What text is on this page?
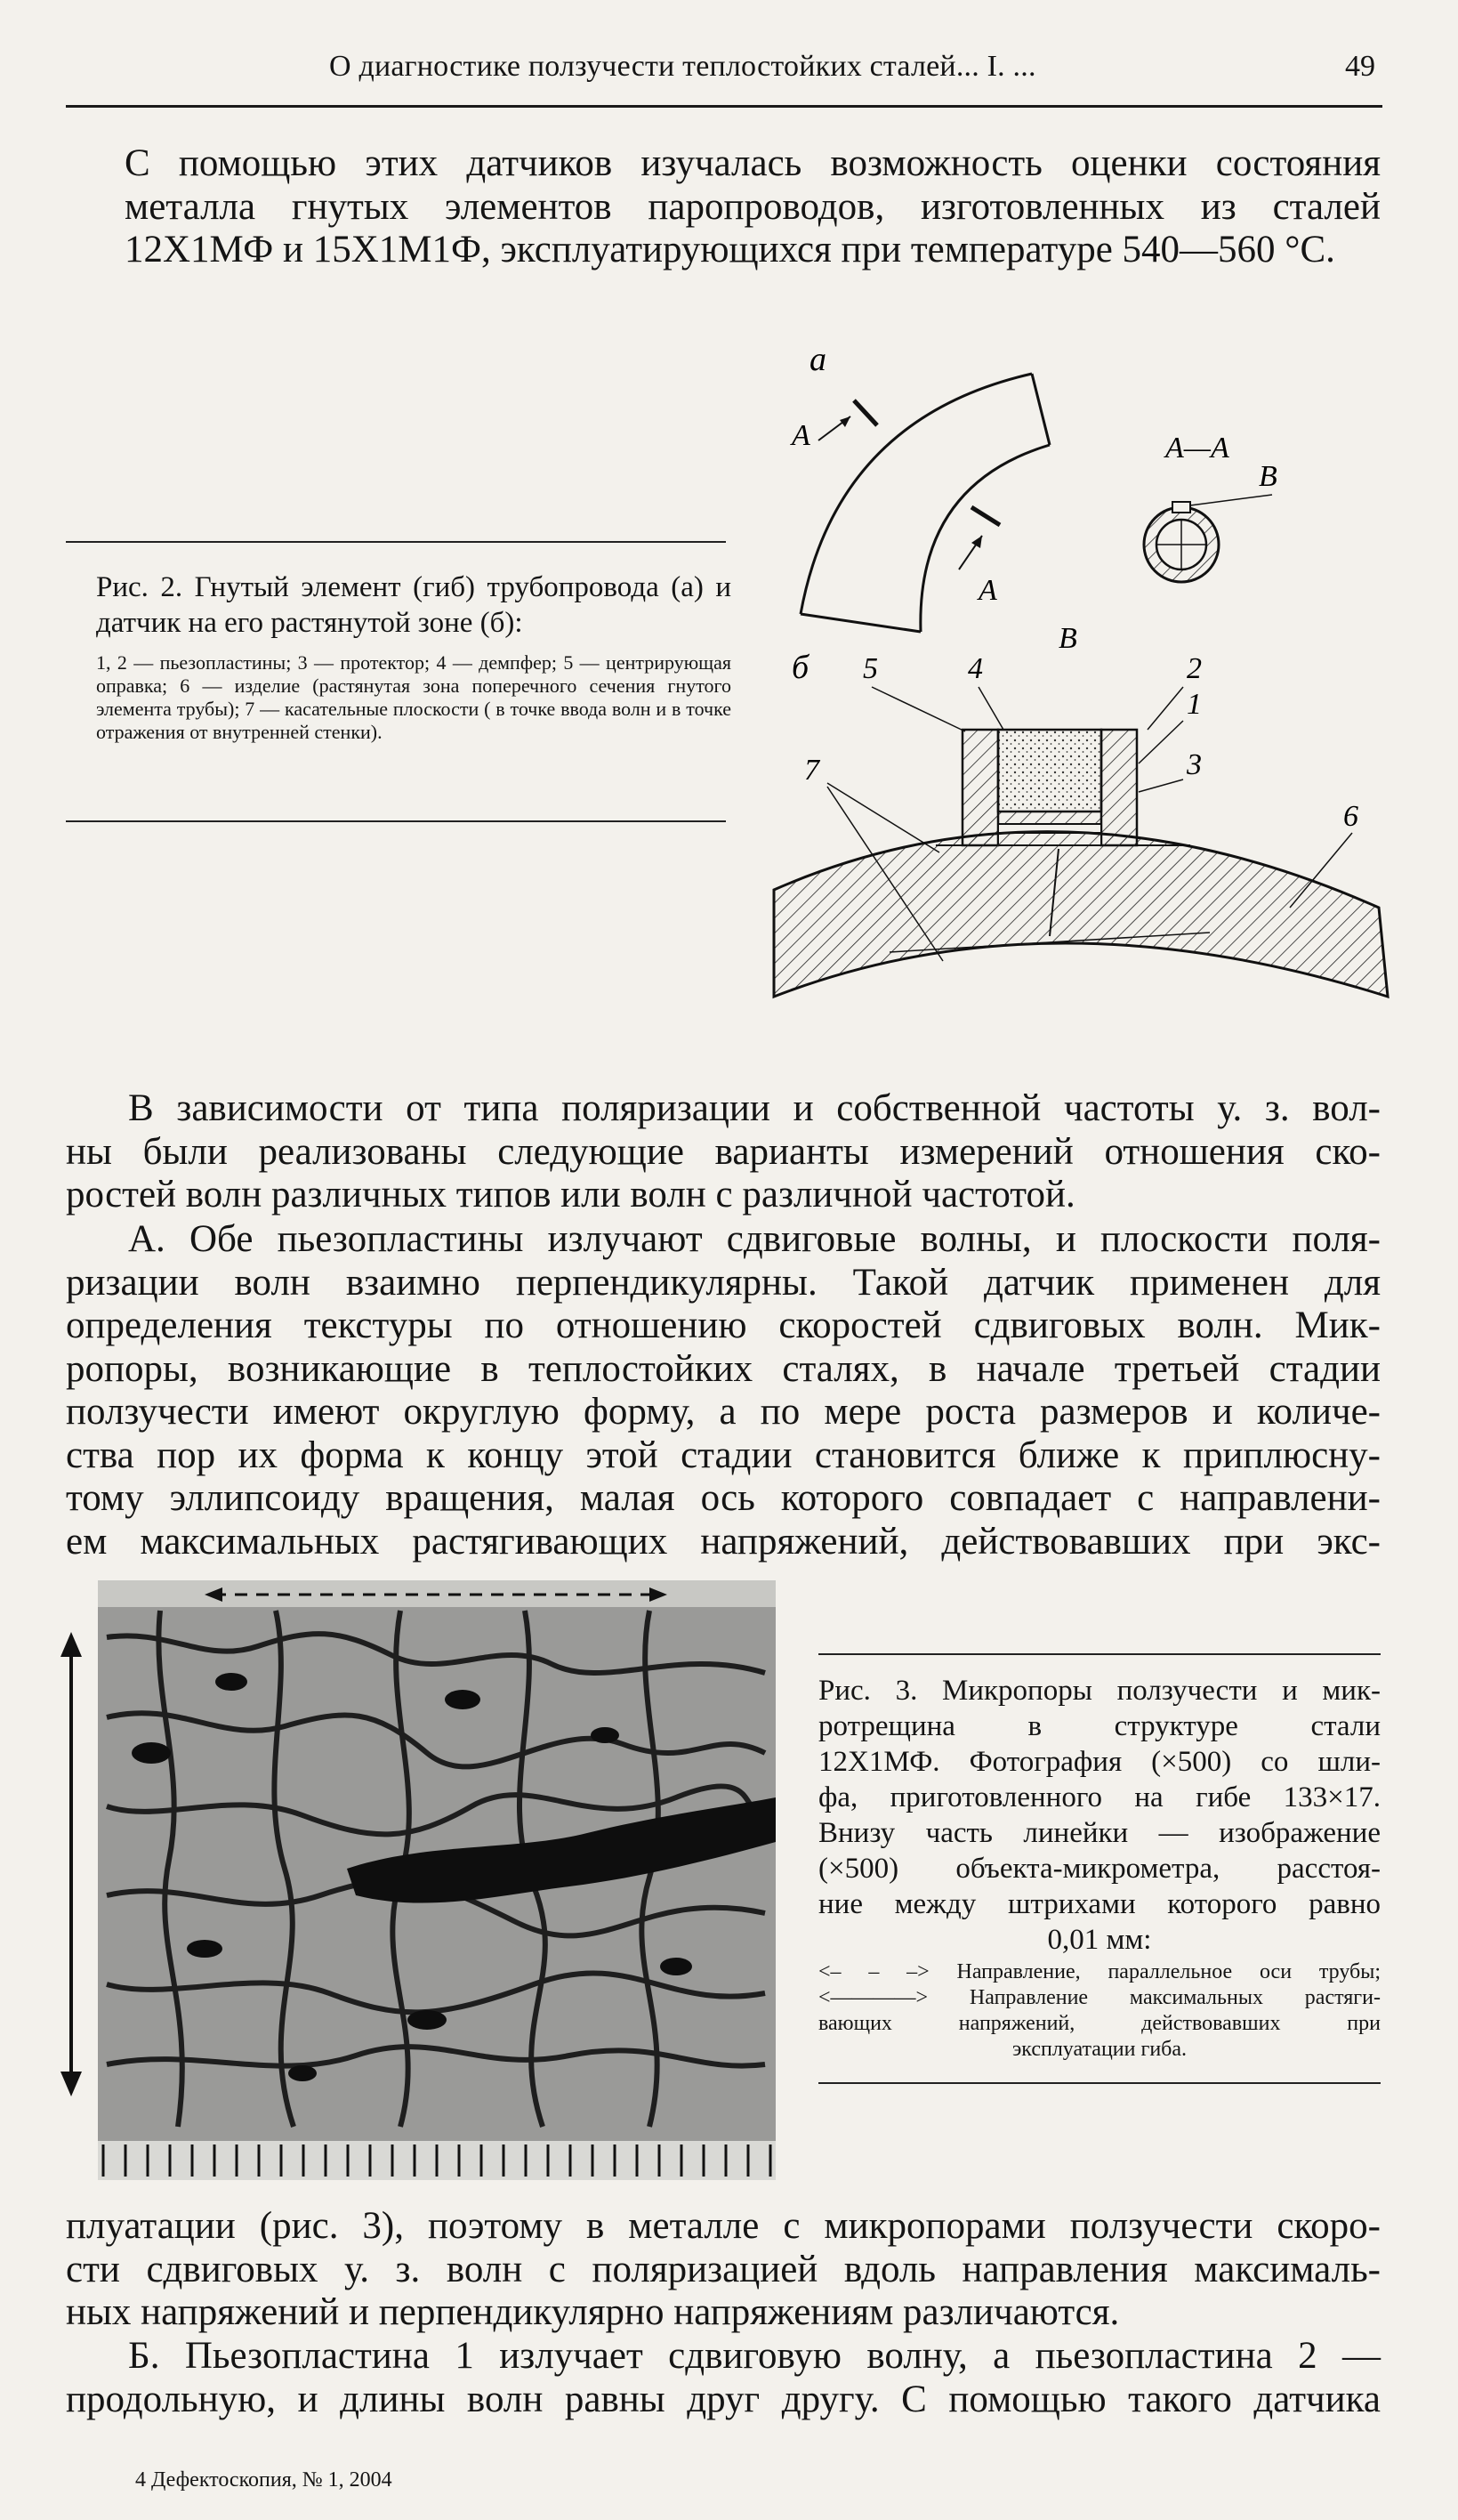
О диагностике ползучести теплостойких сталей... I. ...	49
С помощью этих датчиков изучалась возможность оценки состояния
металла гнутых элементов паропроводов, изготовленных из сталей
12Х1МФ и 15Х1М1Ф, эксплуатирующихся при температуре 540—560 °С.
Рис. 2. Гнутый элемент (гиб) трубопровода (а) и датчик на его растянутой зоне (б):
1, 2 — пьезопластины; 3 — протектор; 4 — демпфер; 5 — центрирующая оправка; 6 — изделие (растянутая зона поперечного сечения гнутого элемента трубы); 7 — касательные плоскости ( в точке ввода волн и в точке отражения от внутренней стенки).
а
А
А
А—А
В
б
В
5	4	2
1
3
7
6
В зависимости от типа поляризации и собственной частоты у. з. вол-
ны были реализованы следующие варианты измерений отношения ско-
ростей волн различных типов или волн с различной частотой.
А. Обе пьезопластины излучают сдвиговые волны, и плоскости поля-
ризации волн взаимно перпендикулярны. Такой датчик применен для
определения текстуры по отношению скоростей сдвиговых волн. Мик-
ропоры, возникающие в теплостойких сталях, в начале третьей стадии
ползучести имеют округлую форму, а по мере роста размеров и количе-
ства пор их форма к концу этой стадии становится ближе к приплюсну-
тому эллипсоиду вращения, малая ось которого совпадает с направлени-
ем максимальных растягивающих напряжений, действовавших при экс-
Рис. 3. Микропоры ползучести и мик-
ротрещина в структуре стали
12Х1МФ. Фотография (×500) со шли-
фа, приготовленного на гибе 133×17.
Внизу часть линейки — изображение
(×500) объекта-микрометра, расстоя-
ние между штрихами которого равно
0,01 мм:
<– – –> Направление, параллельное оси трубы;
<————> Направление максимальных растяги-
вающих напряжений, действовавших при
эксплуатации гиба.
плуатации (рис. 3), поэтому в металле с микропорами ползучести скоро-
сти сдвиговых у. з. волн с поляризацией вдоль направления максималь-
ных напряжений и перпендикулярно напряжениям различаются.
Б. Пьезопластина 1 излучает сдвиговую волну, а пьезопластина 2 —
продольную, и длины волн равны друг другу. С помощью такого датчика
4 Дефектоскопия, № 1, 2004
